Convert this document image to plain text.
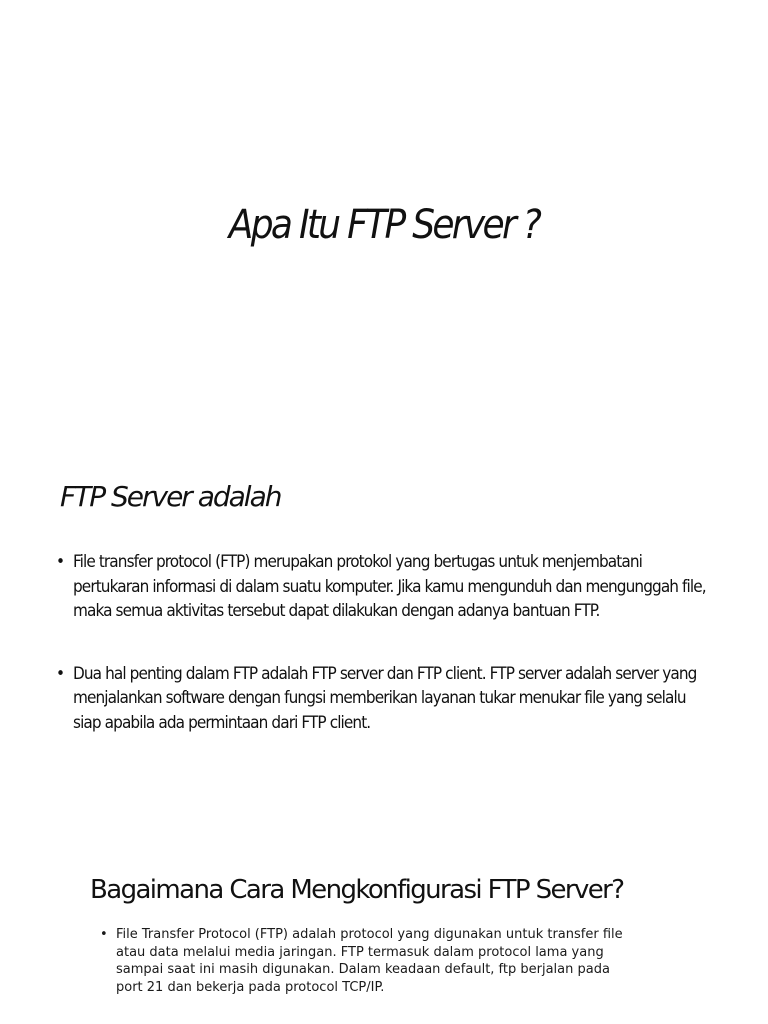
Apa Itu FTP Server ?
FTP Server adalah
• File transfer protocol (FTP) merupakan protokol yang bertugas untuk menjembatani pertukaran informasi di dalam suatu komputer. Jika kamu mengunduh dan mengunggah file, maka semua aktivitas tersebut dapat dilakukan dengan adanya bantuan FTP.
• Dua hal penting dalam FTP adalah FTP server dan FTP client. FTP server adalah server yang menjalankan software dengan fungsi memberikan layanan tukar menukar file yang selalu siap apabila ada permintaan dari FTP client.
Bagaimana Cara Mengkonfigurasi FTP Server?
• File Transfer Protocol (FTP) adalah protocol yang digunakan untuk transfer file atau data melalui media jaringan. FTP termasuk dalam protocol lama yang sampai saat ini masih digunakan. Dalam keadaan default, ftp berjalan pada port 21 dan bekerja pada protocol TCP/IP.
